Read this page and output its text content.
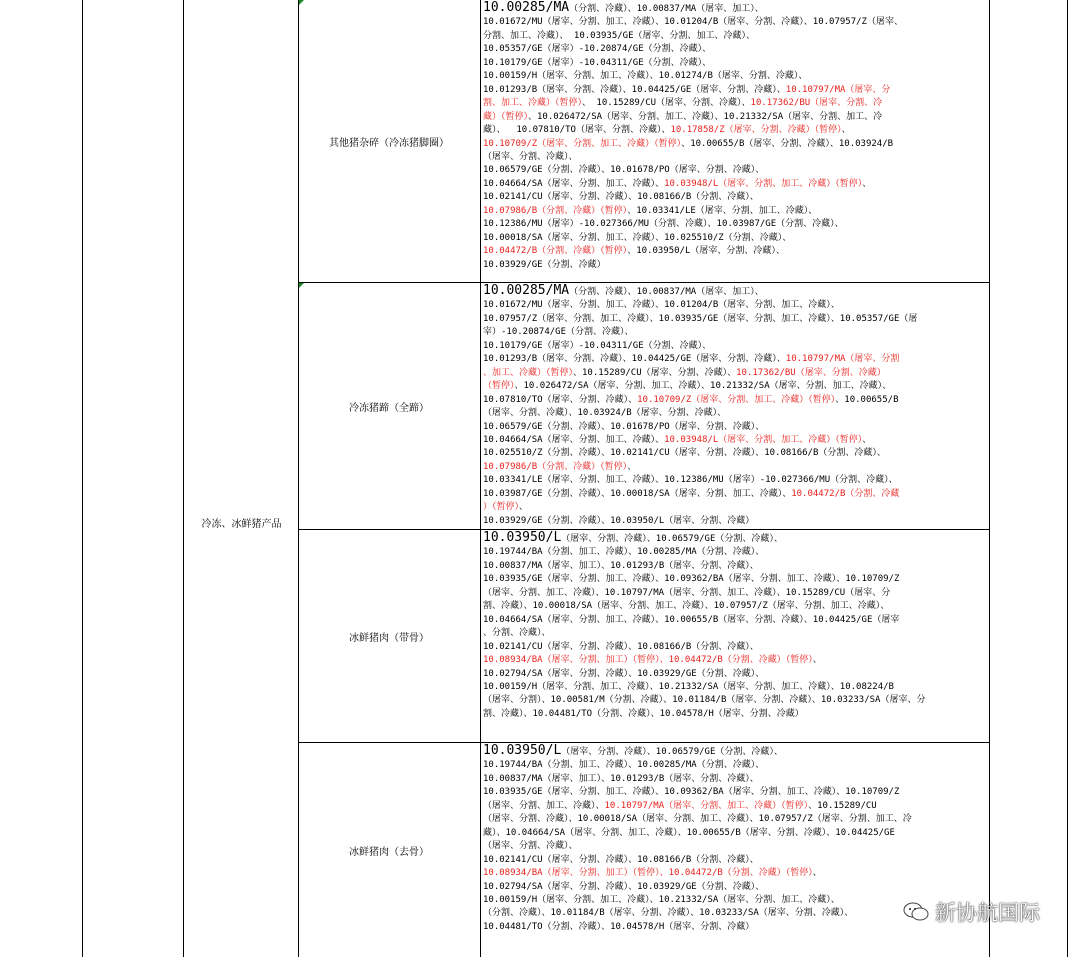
冷冻、冰鲜猪产品
其他猪杂碎（冷冻猪脚圈）
10.00285/MA（分割、冷藏）、10.00837/MA（屠宰、加工）、
10.01672/MU（屠宰、分割、加工、冷藏）、10.01204/B（屠宰、分割、冷藏）、10.07957/Z（屠宰、
分割、加工、冷藏）、 10.03935/GE（屠宰、分割、加工、冷藏）、
10.05357/GE（屠宰）-10.20874/GE（分割、冷藏）、
10.10179/GE（屠宰）-10.04311/GE（分割、冷藏）、
10.00159/H（屠宰、分割、加工、冷藏）、10.01274/B（屠宰、分割、冷藏）、
10.01293/B（屠宰、分割、冷藏）、10.04425/GE（屠宰、分割、冷藏）、10.10797/MA（屠宰、分
割、加工、冷藏）（暂停）、 10.15289/CU（屠宰、分割、冷藏）、10.17362/BU（屠宰、分割、冷
藏）（暂停）、10.026472/SA（屠宰、分割、加工、冷藏）、10.21332/SA（屠宰、分割、加工、冷
藏）、  10.07810/TO（屠宰、分割、冷藏）、10.17858/Z（屠宰、分割、冷藏）（暂停）、
10.10709/Z（屠宰、分割、加工、冷藏）（暂停）、10.00655/B（屠宰、分割、冷藏）、10.03924/B
（屠宰、分割、冷藏）、
10.06579/GE（分割、冷藏）、10.01678/PO（屠宰、分割、冷藏）、
10.04664/SA（屠宰、分割、加工、冷藏）、10.03948/L（屠宰、分割、加工、冷藏）（暂停）、
10.02141/CU（屠宰、分割、冷藏）、10.08166/B（分割、冷藏）、
10.07986/B（分割、冷藏）（暂停）、10.03341/LE（屠宰、分割、加工、冷藏）、
10.12386/MU（屠宰）-10.027366/MU（分割、冷藏）、10.03987/GE（分割、冷藏）、
10.00018/SA（屠宰、分割、加工、冷藏）、10.025510/Z（分割、冷藏）、
10.04472/B（分割、冷藏）（暂停）、10.03950/L（屠宰、分割、冷藏）、
10.03929/GE（分割、冷藏）
冷冻猪蹄（全蹄）
10.00285/MA（分割、冷藏）、10.00837/MA（屠宰、加工）、
10.01672/MU（屠宰、分割、加工、冷藏）、10.01204/B（屠宰、分割、加工、冷藏）、
10.07957/Z（屠宰、分割、加工、冷藏）、10.03935/GE（屠宰、分割、加工、冷藏）、10.05357/GE（屠
宰）-10.20874/GE（分割、冷藏）、
10.10179/GE（屠宰）-10.04311/GE（分割、冷藏）、
10.01293/B（屠宰、分割、冷藏）、10.04425/GE（屠宰、分割、冷藏）、10.10797/MA（屠宰、分割
、加工、冷藏）（暂停）、10.15289/CU（屠宰、分割、冷藏）、10.17362/BU（屠宰、分割、冷藏）
（暂停）、10.026472/SA（屠宰、分割、加工、冷藏）、10.21332/SA（屠宰、分割、加工、冷藏）、
10.07810/TO（屠宰、分割、冷藏）、10.10709/Z（屠宰、分割、加工、冷藏）（暂停）、10.00655/B
（屠宰、分割、冷藏）、10.03924/B（屠宰、分割、冷藏）、
10.06579/GE（分割、冷藏）、10.01678/PO（屠宰、分割、冷藏）、
10.04664/SA（屠宰、分割、加工、冷藏）、10.03948/L（屠宰、分割、加工、冷藏）（暂停）、
10.025510/Z（分割、冷藏）、10.02141/CU（屠宰、分割、冷藏）、10.08166/B（分割、冷藏）、
10.07986/B（分割、冷藏）（暂停）、
10.03341/LE（屠宰、分割、加工、冷藏）、10.12386/MU（屠宰）-10.027366/MU（分割、冷藏）、
10.03987/GE（分割、冷藏）、10.00018/SA（屠宰、分割、加工、冷藏）、10.04472/B（分割、冷藏
）（暂停）、
10.03929/GE（分割、冷藏）、10.03950/L（屠宰、分割、冷藏）
冰鲜猪肉（带骨）
10.03950/L（屠宰、分割、冷藏）、10.06579/GE（分割、冷藏）、
10.19744/BA（分割、加工、冷藏）、10.00285/MA（分割、冷藏）、
10.00837/MA（屠宰、加工）、10.01293/B（屠宰、分割、冷藏）、
10.03935/GE（屠宰、分割、加工、冷藏）、10.09362/BA（屠宰、分割、加工、冷藏）、10.10709/Z
（屠宰、分割、加工、冷藏）、10.10797/MA（屠宰、分割、加工、冷藏）、10.15289/CU（屠宰、分
割、冷藏）、10.00018/SA（屠宰、分割、加工、冷藏）、10.07957/Z（屠宰、分割、加工、冷藏）、
10.04664/SA（屠宰、分割、加工、冷藏）、10.00655/B（屠宰、分割、冷藏）、10.04425/GE（屠宰
、分割、冷藏）、
10.02141/CU（屠宰、分割、冷藏）、10.08166/B（分割、冷藏）、
10.08934/BA（屠宰、分割、加工）（暂停）、10.04472/B（分割、冷藏）（暂停）、
10.02794/SA（屠宰、分割、冷藏）、10.03929/GE（分割、冷藏）、
10.00159/H（屠宰、分割、加工、冷藏）、10.21332/SA（屠宰、分割、加工、冷藏）、10.08224/B
（屠宰、分割）、10.00581/M（分割、冷藏）、10.01184/B（屠宰、分割、冷藏）、10.03233/SA（屠宰、分
割、冷藏）、10.04481/TO（分割、冷藏）、10.04578/H（屠宰、分割、冷藏）
冰鲜猪肉（去骨）
10.03950/L（屠宰、分割、冷藏）、10.06579/GE（分割、冷藏）、
10.19744/BA（分割、加工、冷藏）、10.00285/MA（分割、冷藏）、
10.00837/MA（屠宰、加工）、10.01293/B（屠宰、分割、冷藏）、
10.03935/GE（屠宰、分割、加工、冷藏）、10.09362/BA（屠宰、分割、加工、冷藏）、10.10709/Z
（屠宰、分割、加工、冷藏）、10.10797/MA（屠宰、分割、加工、冷藏）（暂停）、10.15289/CU
（屠宰、分割、冷藏）、10.00018/SA（屠宰、分割、加工、冷藏）、10.07957/Z（屠宰、分割、加工、冷
藏）、10.04664/SA（屠宰、分割、加工、冷藏）、10.00655/B（屠宰、分割、冷藏）、10.04425/GE
（屠宰、分割、冷藏）、
10.02141/CU（屠宰、分割、冷藏）、10.08166/B（分割、冷藏）、
10.08934/BA（屠宰、分割、加工）（暂停）、10.04472/B（分割、冷藏）（暂停）、
10.02794/SA（屠宰、分割、冷藏）、10.03929/GE（分割、冷藏）、
10.00159/H（屠宰、分割、加工、冷藏）、10.21332/SA（屠宰、分割、加工、冷藏）、
（分割、冷藏）、10.01184/B（屠宰、分割、冷藏）、10.03233/SA（屠宰、分割、冷藏）、
10.04481/TO（分割、冷藏）、10.04578/H（屠宰、分割、冷藏）
新协航国际
